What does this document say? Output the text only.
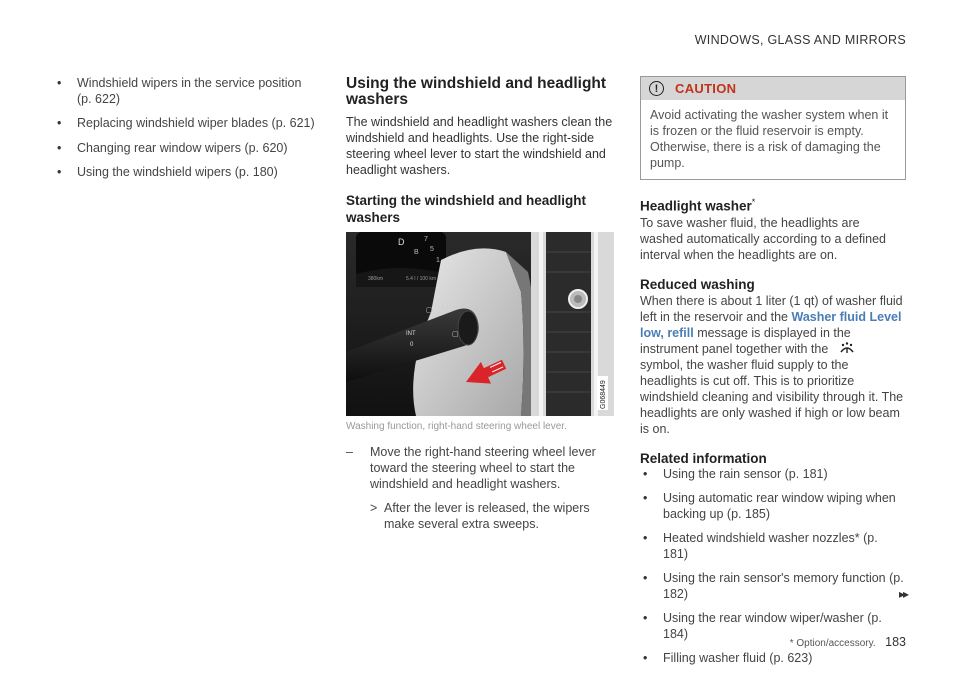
WINDOWS, GLASS AND MIRRORS
• Windshield wipers in the service position (p. 622)
• Replacing windshield wiper blades (p. 621)
• Changing rear window wipers (p. 620)
• Using the windshield wipers (p. 180)
Using the windshield and headlight washers

The windshield and headlight washers clean the windshield and headlights. Use the right-side steering wheel lever to start the windshield and headlight washers.

Starting the windshield and headlight washers
D
B
7
5
1
380km	5.4 l / 100 km
INT
0
▢ ▢
▢
G068449
Washing function, right-hand steering wheel lever.
– Move the right-hand steering wheel lever toward the steering wheel to start the windshield and headlight washers.
> After the lever is released, the wipers make several extra sweeps.
!	CAUTION
Avoid activating the washer system when it is frozen or the fluid reservoir is empty. Otherwise, there is a risk of damaging the pump.
Headlight washer*

To save washer fluid, the headlights are washed automatically according to a defined interval when the headlights are on.

Reduced washing

When there is about 1 liter (1 qt) of washer fluid left in the reservoir and the Washer fluid Level low, refill message is displayed in the instrument panel together with thesymbol, the washer fluid supply to the headlights is cut off. This is to prioritize windshield cleaning and visibility through it. The headlights are only washed if high or low beam is on.

Related information
• Using the rain sensor (p. 181)
• Using automatic rear window wiping when backing up (p. 185)
• Heated windshield washer nozzles* (p. 181)
• Using the rain sensor's memory function (p. 182)
• Using the rear window wiper/washer (p. 184)
• Filling washer fluid (p. 623)
▸▸
* Option/accessory. 183
